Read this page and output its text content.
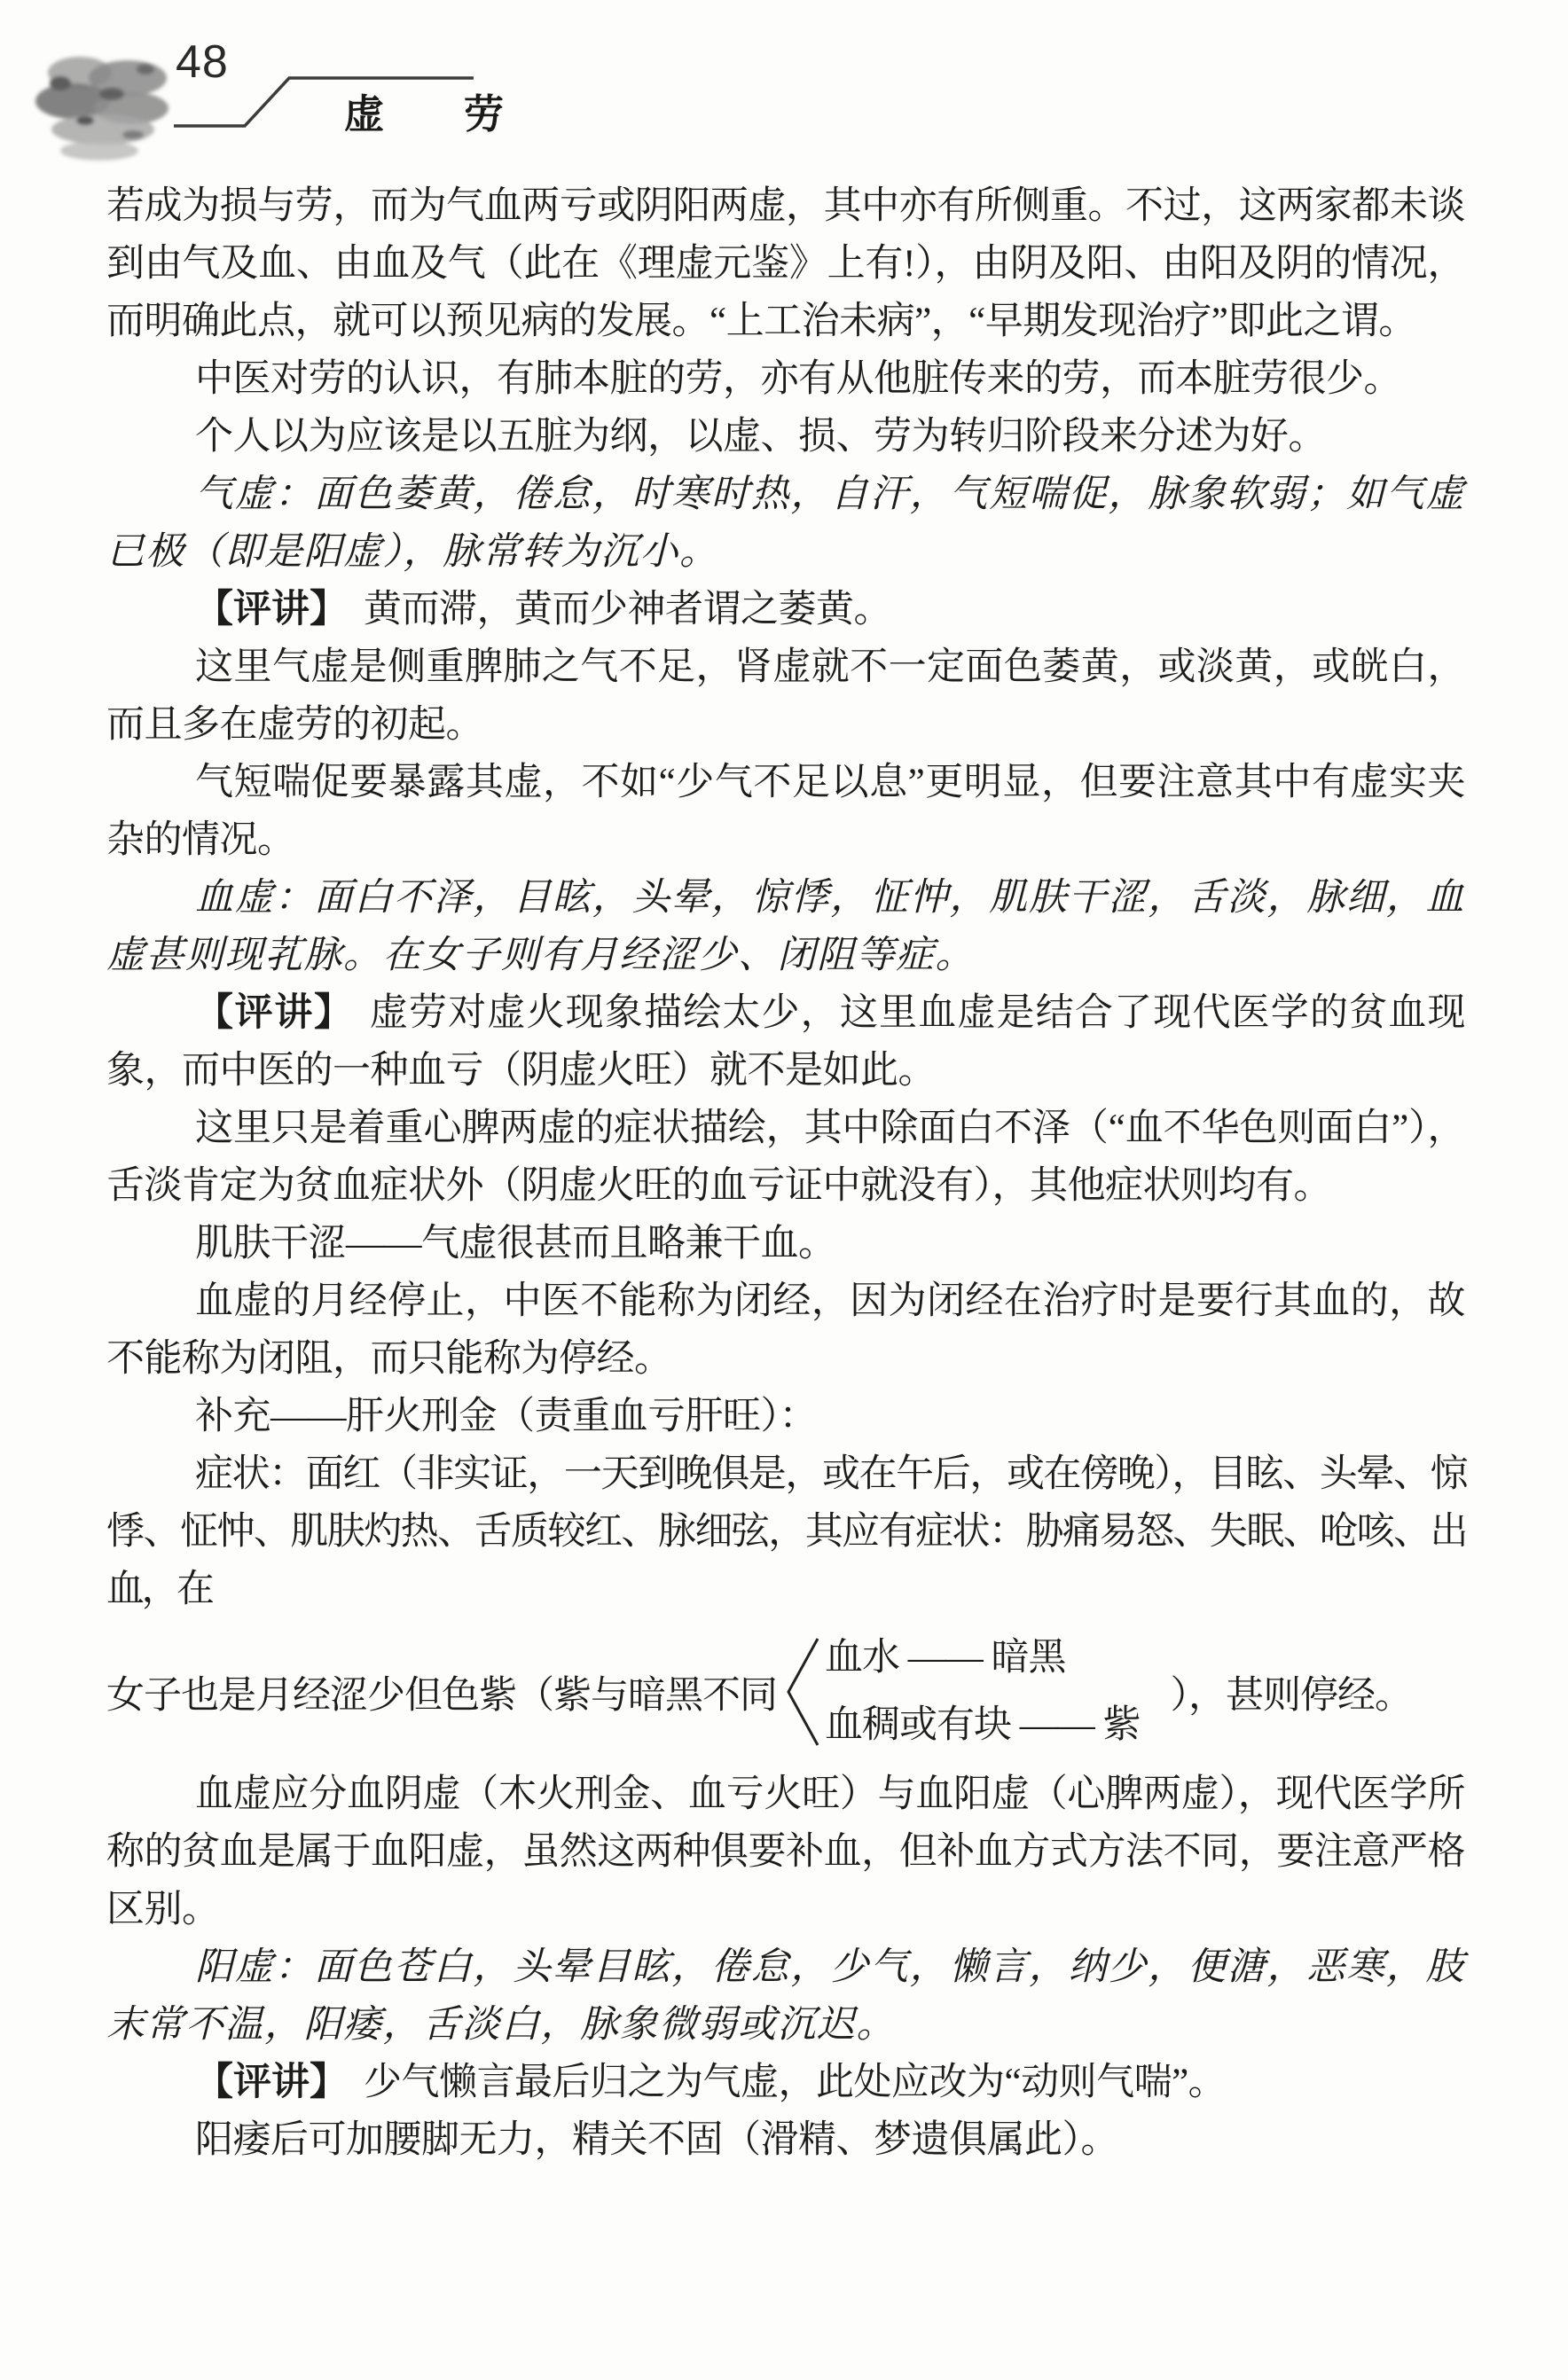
48
虚　　劳

若成为损与劳，而为气血两亏或阴阳两虚，其中亦有所侧重。不过，这两家都未谈到由气及血、由血及气（此在《理虚元鉴》上有!），由阴及阳、由阳及阴的情况，而明确此点，就可以预见病的发展。“上工治未病”，“早期发现治疗”即此之谓。

中医对劳的认识，有肺本脏的劳，亦有从他脏传来的劳，而本脏劳很少。

个人以为应该是以五脏为纲，以虚、损、劳为转归阶段来分述为好。

气虚：面色萎黄，倦怠，时寒时热，自汗，气短喘促，脉象软弱；如气虚已极（即是阳虚），脉常转为沉小。

【评讲】 黄而滞，黄而少神者谓之萎黄。

这里气虚是侧重脾肺之气不足，肾虚就不一定面色萎黄，或淡黄，或㿠白，而且多在虚劳的初起。

气短喘促要暴露其虚，不如“少气不足以息”更明显，但要注意其中有虚实夹杂的情况。

血虚：面白不泽，目眩，头晕，惊悸，怔忡，肌肤干涩，舌淡，脉细，血虚甚则现芤脉。在女子则有月经涩少、闭阻等症。

【评讲】 虚劳对虚火现象描绘太少，这里血虚是结合了现代医学的贫血现象，而中医的一种血亏（阴虚火旺）就不是如此。

这里只是着重心脾两虚的症状描绘，其中除面白不泽（“血不华色则面白”），舌淡肯定为贫血症状外（阴虚火旺的血亏证中就没有），其他症状则均有。

肌肤干涩——气虚很甚而且略兼干血。

血虚的月经停止，中医不能称为闭经，因为闭经在治疗时是要行其血的，故不能称为闭阻，而只能称为停经。

补充——肝火刑金（责重血亏肝旺）：

症状：面红（非实证，一天到晚俱是，或在午后，或在傍晚），目眩、头晕、惊悸、怔忡、肌肤灼热、舌质较红、脉细弦，其应有症状：胁痛易怒、失眠、呛咳、出血，在

女子也是月经涩少但色紫（紫与暗黑不同
血水 —— 暗黑
血稠或有块 —— 紫
），甚则停经。

血虚应分血阴虚（木火刑金、血亏火旺）与血阳虚（心脾两虚），现代医学所称的贫血是属于血阳虚，虽然这两种俱要补血，但补血方式方法不同，要注意严格区别。

阳虚：面色苍白，头晕目眩，倦怠，少气，懒言，纳少，便溏，恶寒，肢末常不温，阳痿，舌淡白，脉象微弱或沉迟。

【评讲】 少气懒言最后归之为气虚，此处应改为“动则气喘”。

阳痿后可加腰脚无力，精关不固（滑精、梦遗俱属此）。
